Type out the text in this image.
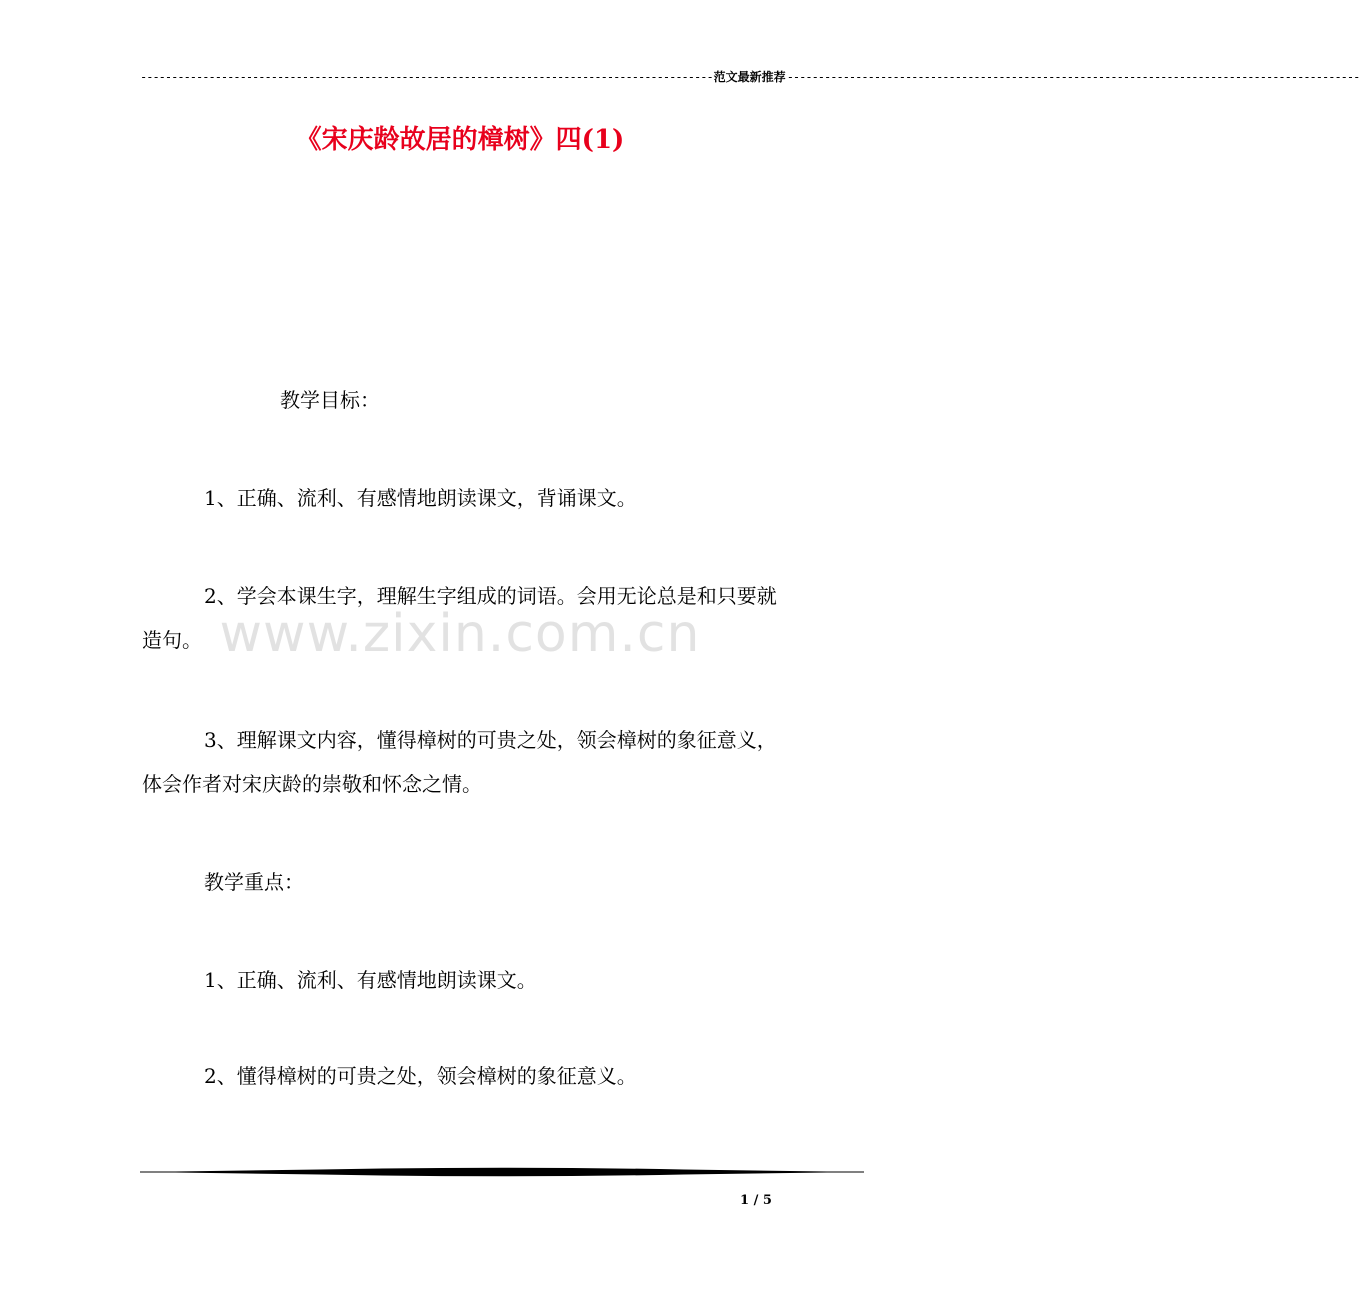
-------------------------------------------------------------------------------------------- 范文最新推荐 --------------------------------------------------------------------------------------------
《宋庆龄故居的樟树》四(1)

教学目标：

1、正确、流利、有感情地朗读课文，背诵课文。

2、学会本课生字，理解生字组成的词语。会用无论总是和只要就造句。

3、理解课文内容，懂得樟树的可贵之处，领会樟树的象征意义，体会作者对宋庆龄的崇敬和怀念之情。

教学重点：

1、正确、流利、有感情地朗读课文。

2、懂得樟树的可贵之处，领会樟树的象征意义。

www.zixin.com.cn
1 / 5
